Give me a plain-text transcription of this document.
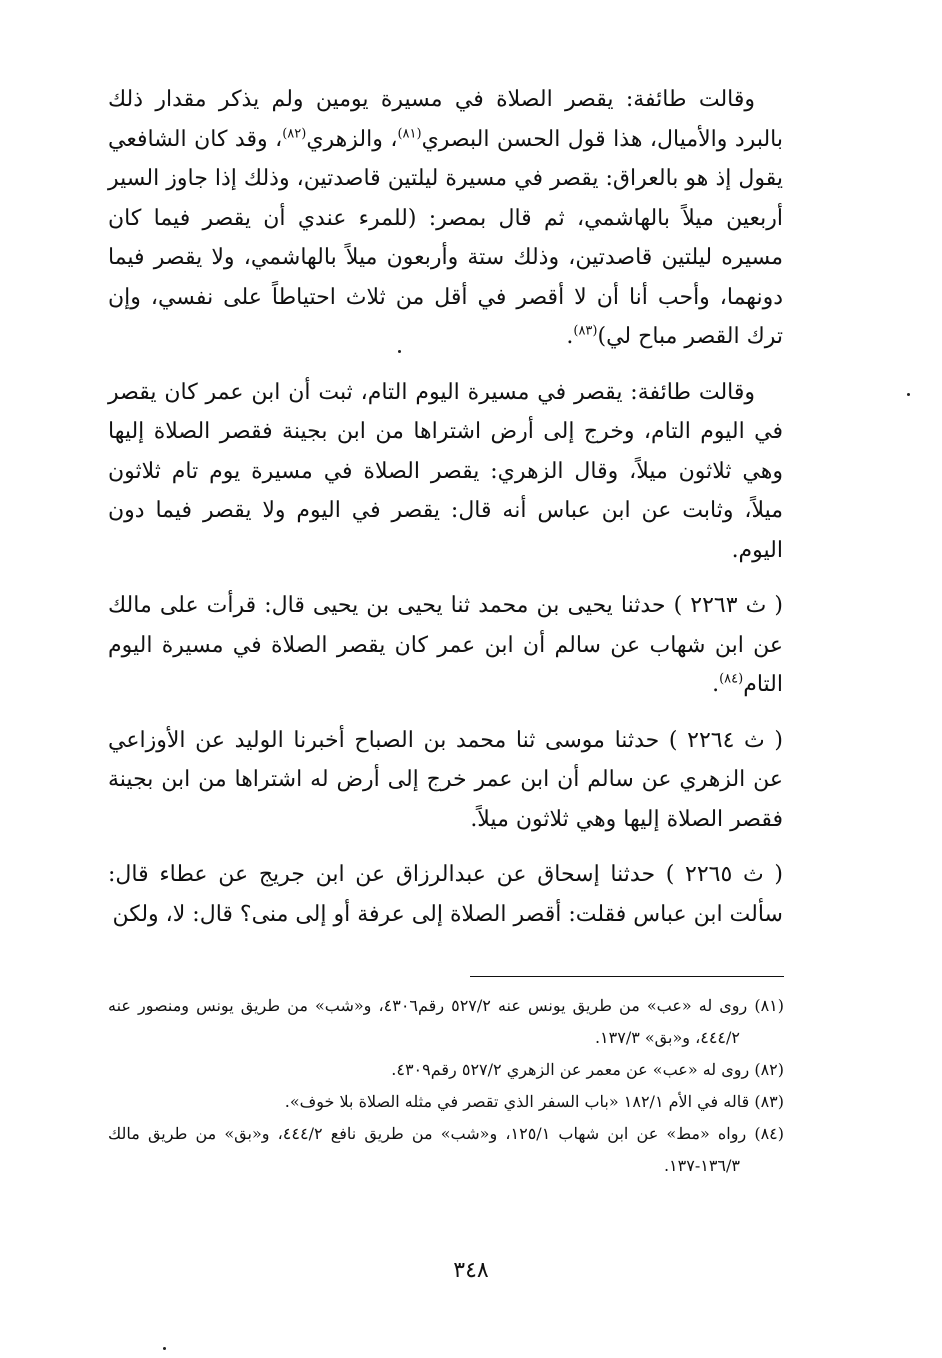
وقالت طائفة: يقصر الصلاة في مسيرة يومين ولم يذكر مقدار ذلك بالبرد والأميال، هذا قول الحسن البصري$^{(٨١)}$، والزهري$^{(٨٢)}$، وقد كان الشافعي يقول إذ هو بالعراق: يقصر في مسيرة ليلتين قاصدتين، وذلك إذا جاوز السير أربعين ميلاً بالهاشمي، ثم قال بمصر: (للمرء عندي أن يقصر فيما كان مسيره ليلتين قاصدتين، وذلك ستة وأربعون ميلاً بالهاشمي، ولا يقصر فيما دونهما، وأحب أنا أن لا أقصر في أقل من ثلاث احتياطاً على نفسي، وإن ترك القصر مباح لي)$^{(٨٣)}$.

وقالت طائفة: يقصر في مسيرة اليوم التام، ثبت أن ابن عمر كان يقصر في اليوم التام، وخرج إلى أرض اشتراها من ابن بجينة فقصر الصلاة إليها وهي ثلاثون ميلاً، وقال الزهري: يقصر الصلاة في مسيرة يوم تام ثلاثون ميلاً، وثابت عن ابن عباس أنه قال: يقصر في اليوم ولا يقصر فيما دون اليوم.

( ث ٢٢٦٣ ) حدثنا يحيى بن محمد ثنا يحيى بن يحيى قال: قرأت على مالك عن ابن شهاب عن سالم أن ابن عمر كان يقصر الصلاة في مسيرة اليوم التام$^{(٨٤)}$.

( ث ٢٢٦٤ ) حدثنا موسى ثنا محمد بن الصباح أخبرنا الوليد عن الأوزاعي عن الزهري عن سالم أن ابن عمر خرج إلى أرض له اشتراها من ابن بجينة فقصر الصلاة إليها وهي ثلاثون ميلاً.

( ث ٢٢٦٥ ) حدثنا إسحاق عن عبدالرزاق عن ابن جريج عن عطاء قال: سألت ابن عباس فقلت: أقصر الصلاة إلى عرفة أو إلى منى؟ قال: لا، ولكن

(٨١) روى له «عب» من طريق يونس عنه ٥٢٧/٢ رقم٤٣٠٦، و«شب» من طريق يونس ومنصور عنه ٤٤٤/٢، و«بق» ١٣٧/٣.

(٨٢) روى له «عب» عن معمر عن الزهري ٥٢٧/٢ رقم٤٣٠٩.

(٨٣) قاله في الأم ١٨٢/١ «باب السفر الذي تقصر في مثله الصلاة بلا خوف».

(٨٤) رواه «مط» عن ابن شهاب ١٢٥/١، و«شب» من طريق نافع ٤٤٤/٢، و«بق» من طريق مالك ١٣٦/٣-١٣٧.

٣٤٨
